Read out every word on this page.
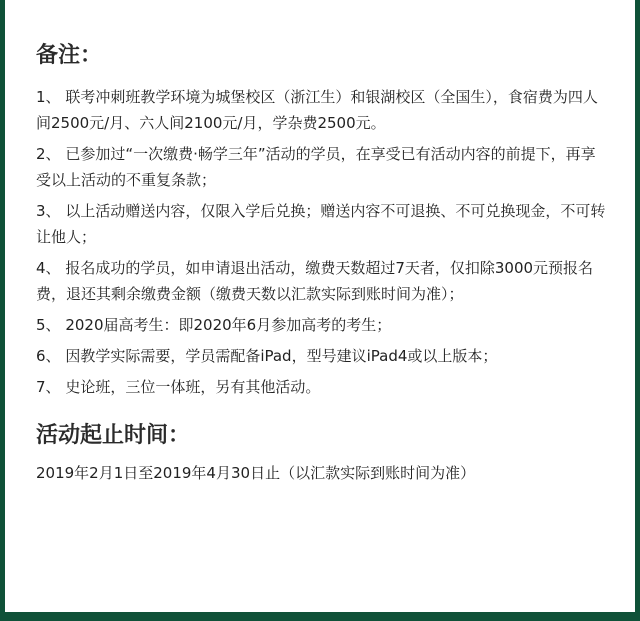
备注：
1、 联考冲刺班教学环境为城堡校区（浙江生）和银湖校区（全国生），食宿费为四人间2500元/月、六人间2100元/月，学杂费2500元。
2、 已参加过“一次缴费·畅学三年”活动的学员，在享受已有活动内容的前提下，再享受以上活动的不重复条款；
3、 以上活动赠送内容，仅限入学后兑换；赠送内容不可退换、不可兑换现金，不可转让他人；
4、 报名成功的学员，如申请退出活动，缴费天数超过7天者，仅扣除3000元预报名费，退还其剩余缴费金额（缴费天数以汇款实际到账时间为准）；
5、 2020届高考生：即2020年6月参加高考的考生；
6、 因教学实际需要，学员需配备iPad，型号建议iPad4或以上版本；
7、 史论班，三位一体班，另有其他活动。
活动起止时间：
2019年2月1日至2019年4月30日止（以汇款实际到账时间为准）
